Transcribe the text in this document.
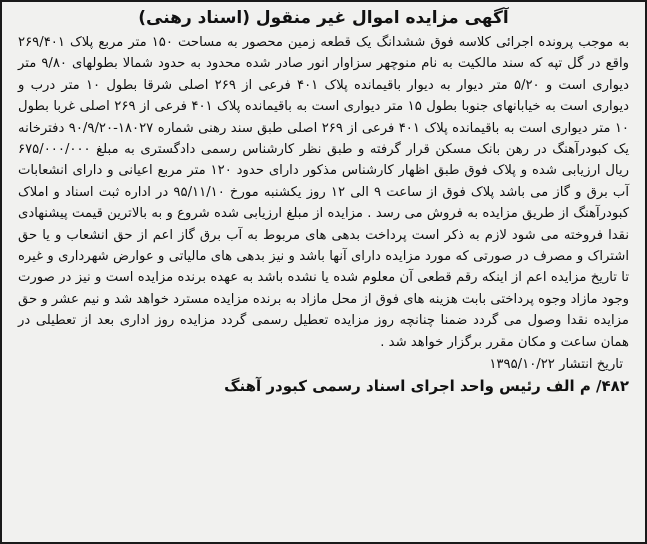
آگهی مزایده اموال غیر منقول (اسناد رهنی)

به موجب پرونده اجرائی کلاسه فوق ششدانگ یک قطعه زمین محصور به مساحت ۱۵۰ متر مربع پلاک ۲۶۹/۴۰۱ واقع در گل تپه که سند مالکیت به نام منوچهر سزاوار انور صادر شده محدود به حدود شمالا بطولهای ۹/۸۰ متر دیواری است و ۵/۲۰ متر دیوار به دیوار باقیمانده پلاک ۴۰۱ فرعی از ۲۶۹ اصلی شرقا بطول ۱۰ متر درب و دیواری است به خیابانهای جنوبا بطول ۱۵ متر دیواری است به باقیمانده پلاک ۴۰۱ فرعی از ۲۶۹ اصلی غربا بطول ۱۰ متر دیواری است به باقیمانده پلاک ۴۰۱ فرعی از ۲۶۹ اصلی طبق سند رهنی شماره ۱۸۰۲۷-۹۰/۹/۲۰ دفترخانه یک کبودرآهنگ در رهن بانک مسکن قرار گرفته و طبق نظر کارشناس رسمی دادگستری به مبلغ ۶۷۵/۰۰۰/۰۰۰ ریال ارزیابی شده و پلاک فوق طبق اظهار کارشناس مذکور دارای حدود ۱۲۰ متر مربع اعیانی و دارای انشعابات آب برق و گاز می باشد پلاک فوق از ساعت ۹ الی ۱۲ روز یکشنبه مورخ ۹۵/۱۱/۱۰ در اداره ثبت اسناد و املاک کبودرآهنگ از طریق مزایده به فروش می رسد . مزایده از مبلغ ارزیابی شده شروع و به بالاترین قیمت پیشنهادی نقدا فروخته می شود لازم به ذکر است پرداخت بدهی های مربوط به آب برق گاز اعم از حق انشعاب و یا حق اشتراک و مصرف در صورتی که مورد مزایده دارای آنها باشد و نیز بدهی های مالیاتی و عوارض شهرداری و غیره تا تاریخ مزایده اعم از اینکه رقم قطعی آن معلوم شده یا نشده باشد به عهده برنده مزایده است و نیز در صورت وجود مازاد وجوه پرداختی بابت هزینه های فوق از محل مازاد به برنده مزایده مسترد خواهد شد و نیم عشر و حق مزایده نقدا وصول می گردد ضمنا چنانچه روز مزایده تعطیل رسمی گردد مزایده روز اداری بعد از تعطیلی در همان ساعت و مکان مقرر برگزار خواهد شد .

تاریخ انتشار ۱۳۹۵/۱۰/۲۲
۴۸۲/ م الف رئیس واحد اجرای اسناد رسمی کبودر آهنگ
